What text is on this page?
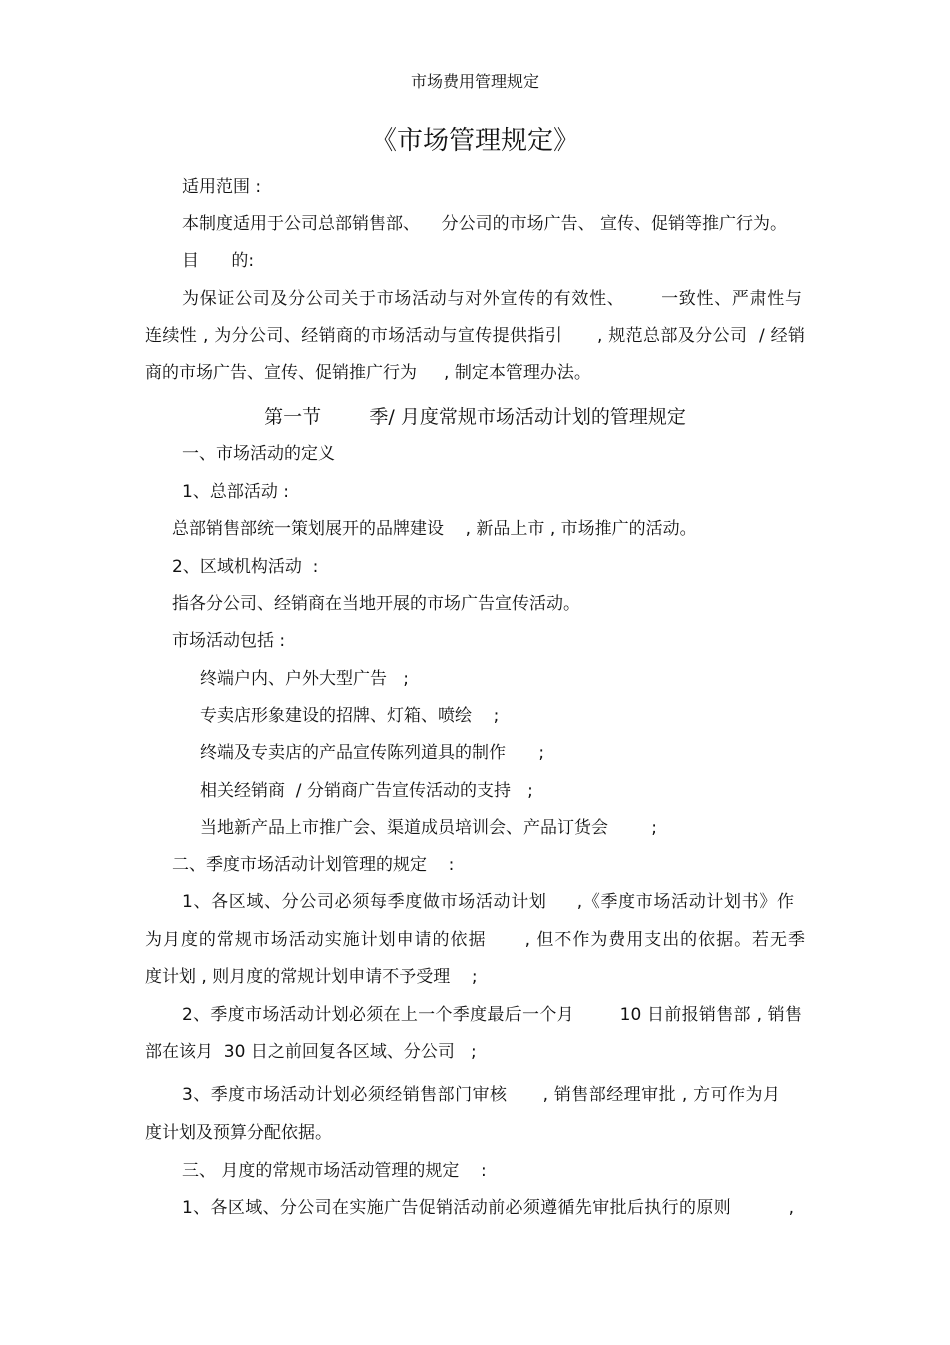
市场费用管理规定
《市场管理规定》
适用范围 :
本制度适用于公司总部销售部、    分公司的市场广告、 宣传、促销等推广行为。
目      的:
为保证公司及分公司关于市场活动与对外宣传的有效性、      一致性、严肃性与
连续性 , 为分公司、经销商的市场活动与宣传提供指引      , 规范总部及分公司  / 经销
商的市场广告、宣传、促销推广行为     , 制定本管理办法。
第一节        季/ 月度常规市场活动计划的管理规定
一、市场活动的定义
1、总部活动 :
总部销售部统一策划展开的品牌建设    , 新品上市 , 市场推广的活动。
2、区域机构活动  :
指各分公司、经销商在当地开展的市场广告宣传活动。
市场活动包括 :
终端户内、户外大型广告   ;
专卖店形象建设的招牌、灯箱、喷绘    ;
终端及专卖店的产品宣传陈列道具的制作      ;
相关经销商  / 分销商广告宣传活动的支持   ;
当地新产品上市推广会、渠道成员培训会、产品订货会        ;
二、季度市场活动计划管理的规定    :
1、各区域、分公司必须每季度做市场活动计划     ,《季度市场活动计划书》作
为月度的常规市场活动实施计划申请的依据      , 但不作为费用支出的依据。若无季
度计划 , 则月度的常规计划申请不予受理    ;
2、季度市场活动计划必须在上一个季度最后一个月        10 日前报销售部 , 销售
部在该月  30 日之前回复各区域、分公司   ;
3、季度市场活动计划必须经销售部门审核      , 销售部经理审批 , 方可作为月
度计划及预算分配依据。
三、 月度的常规市场活动管理的规定    :
1、各区域、分公司在实施广告促销活动前必须遵循先审批后执行的原则          ,
